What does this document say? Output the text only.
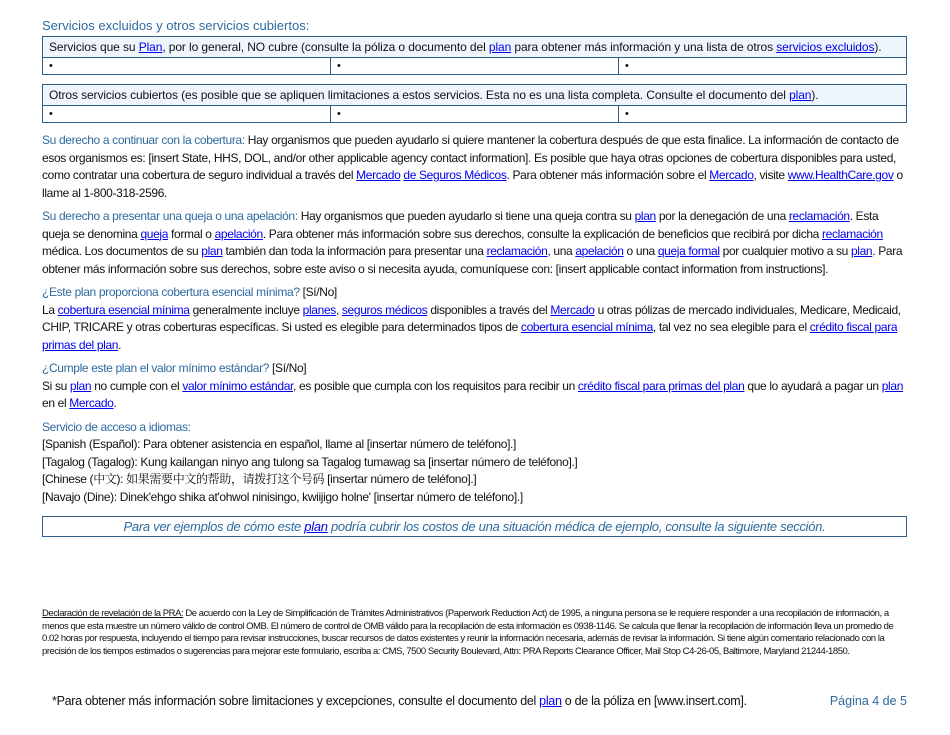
Servicios excluidos y otros servicios cubiertos:
Servicios que su Plan, por lo general, NO cubre (consulte la póliza o documento del plan para obtener más información y una lista de otros servicios excluidos).
•	•	•
Otros servicios cubiertos (es posible que se apliquen limitaciones a estos servicios. Esta no es una lista completa. Consulte el documento del plan).
•	•	•

Su derecho a continuar con la cobertura: Hay organismos que pueden ayudarlo si quiere mantener la cobertura después de que esta finalice. La información de contacto de esos organismos es: [insert State, HHS, DOL, and/or other applicable agency contact information]. Es posible que haya otras opciones de cobertura disponibles para usted, como contratar una cobertura de seguro individual a través del Mercado de Seguros Médicos. Para obtener más información sobre el Mercado, visite www.HealthCare.gov o llame al 1-800-318-2596.

Su derecho a presentar una queja o una apelación: Hay organismos que pueden ayudarlo si tiene una queja contra su plan por la denegación de una reclamación. Esta queja se denomina queja formal o apelación. Para obtener más información sobre sus derechos, consulte la explicación de beneficios que recibirá por dicha reclamación médica. Los documentos de su plan también dan toda la información para presentar una reclamación, una apelación o una queja formal por cualquier motivo a su plan. Para obtener más información sobre sus derechos, sobre este aviso o si necesita ayuda, comuníquese con: [insert applicable contact information from instructions].

¿Este plan proporciona cobertura esencial mínima? [Sí/No]
La cobertura esencial mínima generalmente incluye planes, seguros médicos disponibles a través del Mercado u otras pólizas de mercado individuales, Medicare, Medicaid, CHIP, TRICARE y otras coberturas específicas. Si usted es elegible para determinados tipos de cobertura esencial mínima, tal vez no sea elegible para el crédito fiscal para primas del plan.

¿Cumple este plan el valor mínimo estándar? [Sí/No]
Si su plan no cumple con el valor mínimo estándar, es posible que cumpla con los requisitos para recibir un crédito fiscal para primas del plan que lo ayudará a pagar un plan en el Mercado.

Servicio de acceso a idiomas:
[Spanish (Español): Para obtener asistencia en español, llame al [insertar número de teléfono].]
[Tagalog (Tagalog): Kung kailangan ninyo ang tulong sa Tagalog tumawag sa [insertar número de teléfono].]
[Chinese (中文): 如果需要中文的帮助，请拨打这个号码 [insertar número de teléfono].]
[Navajo (Dine): Dinek'ehgo shika at'ohwol ninisingo, kwiijigo holne' [insertar número de teléfono].]

Para ver ejemplos de cómo este plan podría cubrir los costos de una situación médica de ejemplo, consulte la siguiente sección.
Declaración de revelación de la PRA: De acuerdo con la Ley de Simplificación de Trámites Administrativos (Paperwork Reduction Act) de 1995, a ninguna persona se le requiere responder a una recopilación de información, a menos que esta muestre un número válido de control OMB. El número de control de OMB válido para la recopilación de esta información es 0938-1146. Se calcula que llenar la recopilación de información lleva un promedio de 0.02 horas por respuesta, incluyendo el tiempo para revisar instrucciones, buscar recursos de datos existentes y reunir la información necesaria, además de revisar la información. Si tiene algún comentario relacionado con la precisión de los tiempos estimados o sugerencias para mejorar este formulario, escriba a: CMS, 7500 Security Boulevard, Attn: PRA Reports Clearance Officer, Mail Stop C4-26-05, Baltimore, Maryland 21244-1850.
*Para obtener más información sobre limitaciones y excepciones, consulte el documento del plan o de la póliza en [www.insert.com].	Página 4 de 5
